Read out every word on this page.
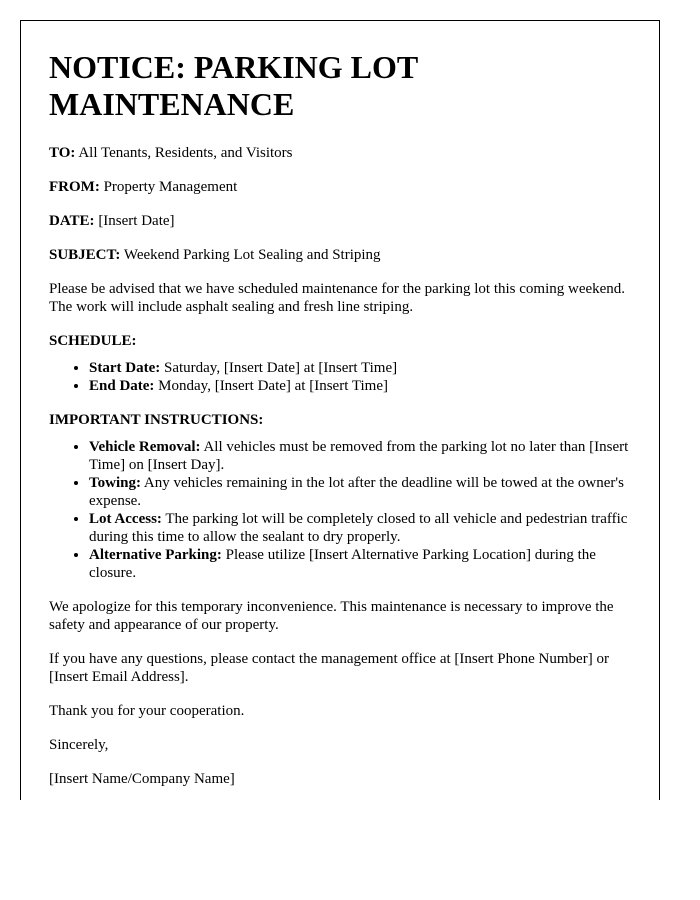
NOTICE: PARKING LOT
MAINTENANCE

TO: All Tenants, Residents, and Visitors

FROM: Property Management

DATE: [Insert Date]

SUBJECT: Weekend Parking Lot Sealing and Striping

Please be advised that we have scheduled maintenance for the parking lot this coming weekend. The work will include asphalt sealing and fresh line striping.

SCHEDULE:
• Start Date: Saturday, [Insert Date] at [Insert Time]
• End Date: Monday, [Insert Date] at [Insert Time]
IMPORTANT INSTRUCTIONS:
• Vehicle Removal: All vehicles must be removed from the parking lot no later than [Insert Time] on [Insert Day].
• Towing: Any vehicles remaining in the lot after the deadline will be towed at the owner's expense.
• Lot Access: The parking lot will be completely closed to all vehicle and pedestrian traffic during this time to allow the sealant to dry properly.
• Alternative Parking: Please utilize [Insert Alternative Parking Location] during the closure.

We apologize for this temporary inconvenience. This maintenance is necessary to improve the safety and appearance of our property.

If you have any questions, please contact the management office at [Insert Phone Number] or [Insert Email Address].

Thank you for your cooperation.

Sincerely,

[Insert Name/Company Name]
